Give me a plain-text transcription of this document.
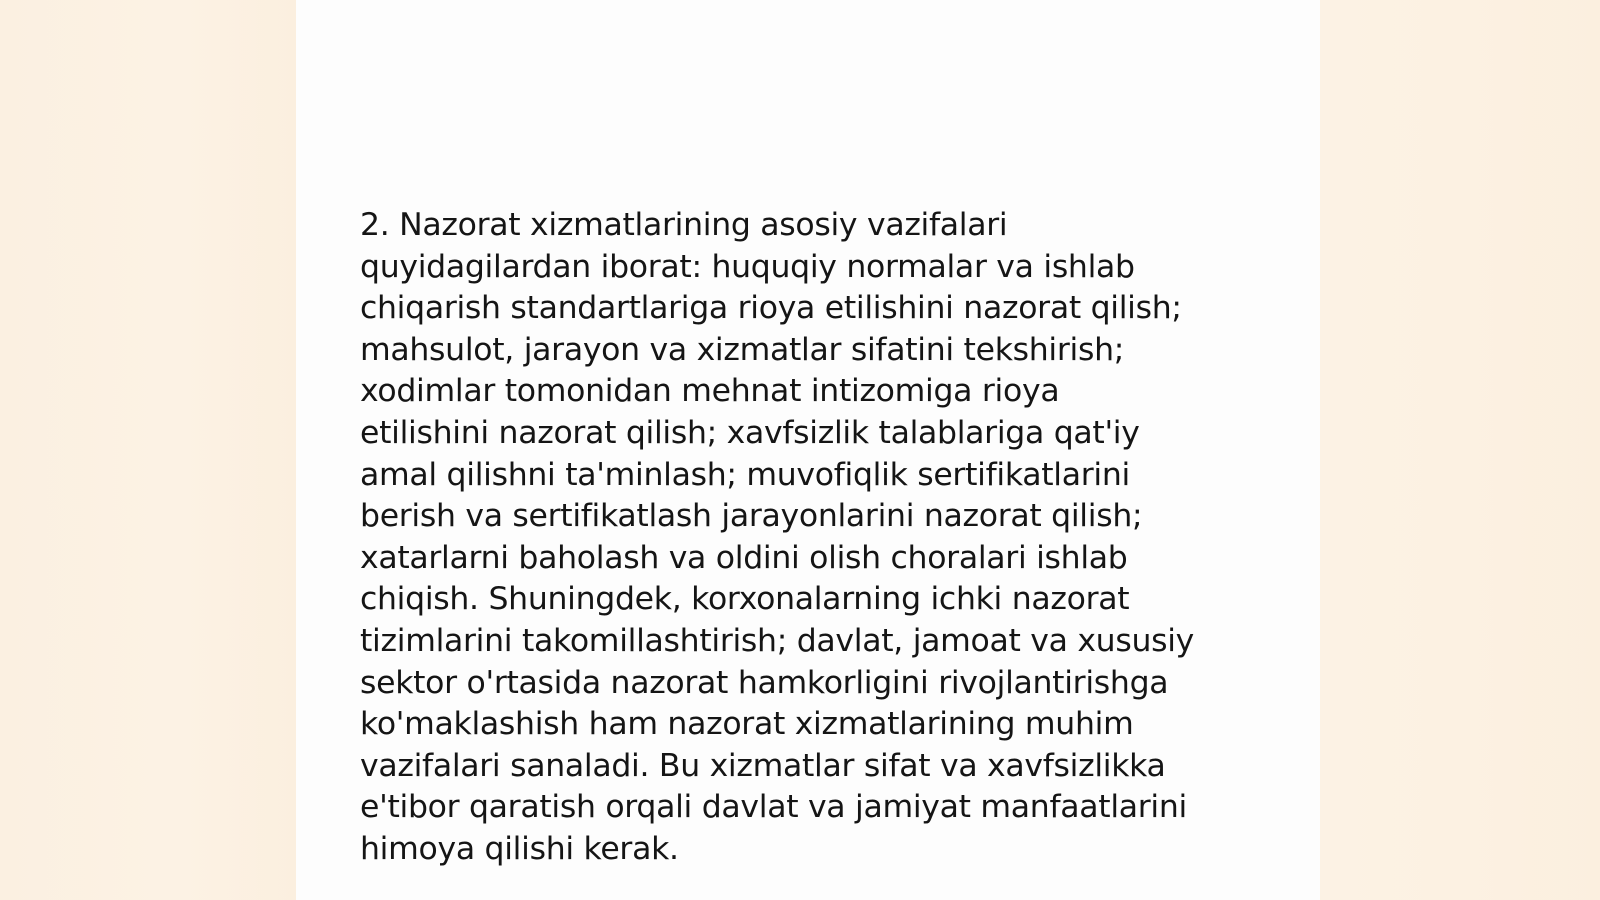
2. Nazorat xizmatlarining asosiy vazifalari
quyidagilardan iborat: huquqiy normalar va ishlab
chiqarish standartlariga rioya etilishini nazorat qilish;
mahsulot, jarayon va xizmatlar sifatini tekshirish;
xodimlar tomonidan mehnat intizomiga rioya
etilishini nazorat qilish; xavfsizlik talablariga qat'iy
amal qilishni ta'minlash; muvofiqlik sertifikatlarini
berish va sertifikatlash jarayonlarini nazorat qilish;
xatarlarni baholash va oldini olish choralari ishlab
chiqish. Shuningdek, korxonalarning ichki nazorat
tizimlarini takomillashtirish; davlat, jamoat va xususiy
sektor o'rtasida nazorat hamkorligini rivojlantirishga
ko'maklashish ham nazorat xizmatlarining muhim
vazifalari sanaladi. Bu xizmatlar sifat va xavfsizlikka
e'tibor qaratish orqali davlat va jamiyat manfaatlarini
himoya qilishi kerak.
